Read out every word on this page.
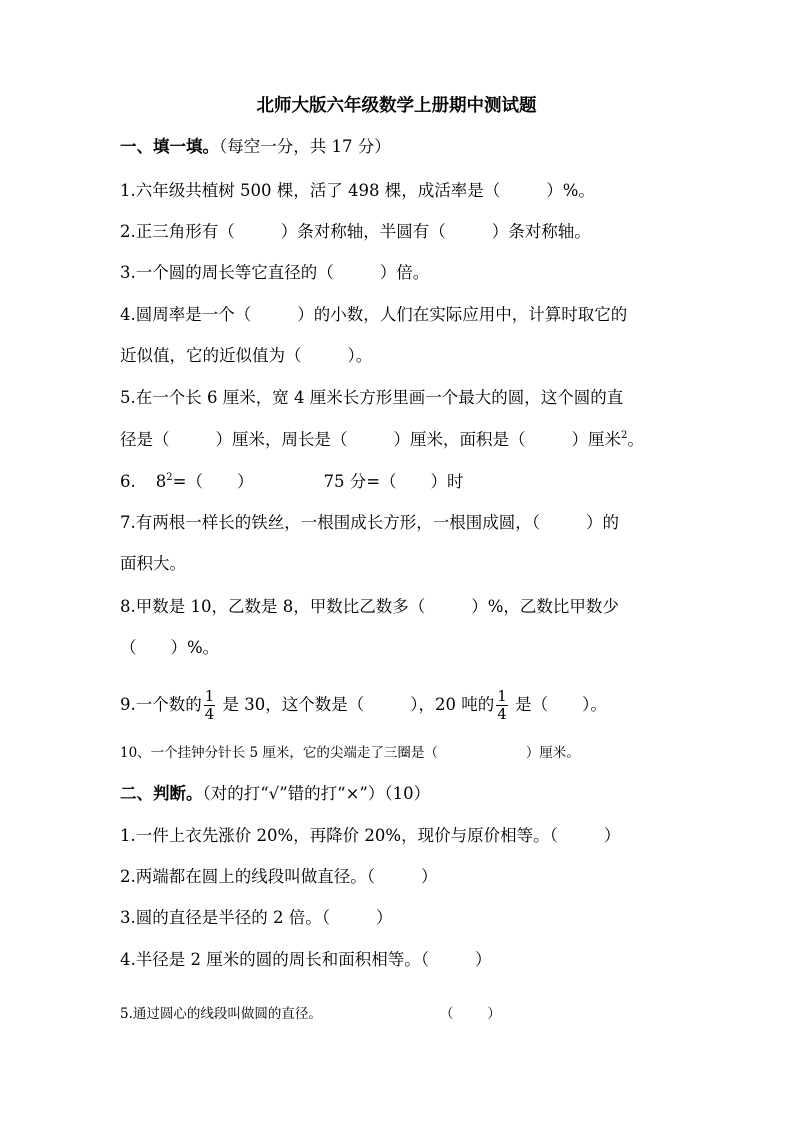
北师大版六年级数学上册期中测试题
一、填一填。（每空一分，共 17 分）
1.六年级共植树 500 棵，活了 498 棵，成活率是（	）%。
2.正三角形有（	）条对称轴，半圆有（	）条对称轴。
3.一个圆的周长等它直径的（	）倍。
4.圆周率是一个（	）的小数，人们在实际应用中，计算时取它的
近似值，它的近似值为（	）。
5.在一个长 6 厘米，宽 4 厘米长方形里画一个最大的圆，这个圆的直
径是（	）厘米，周长是（	）厘米，面积是（	）厘米$^2$。
6. $8^2=$（ ）	75 分=（ ）时
7.有两根一样长的铁丝，一根围成长方形，一根围成圆，（	）的
面积大。
8.甲数是 10，乙数是 8，甲数比乙数多（	）%，乙数比甲数少
（ ）%。
9.一个数的 $\frac{1}{4}$ 是 30，这个数是（	），20 吨的 $\frac{1}{4}$ 是（ ）。
10、一个挂钟分针长 5 厘米，它的尖端走了三圈是（	）厘米。
二、判断。（对的打“√”错的打“×”）（10）
1.一件上衣先涨价 20%，再降价 20%，现价与原价相等。（	）
2.两端都在圆上的线段叫做直径。（	）
3.圆的直径是半径的 2 倍。（	）
4.半径是 2 厘米的圆的周长和面积相等。（	）
5.通过圆心的线段叫做圆的直径。	（	）
